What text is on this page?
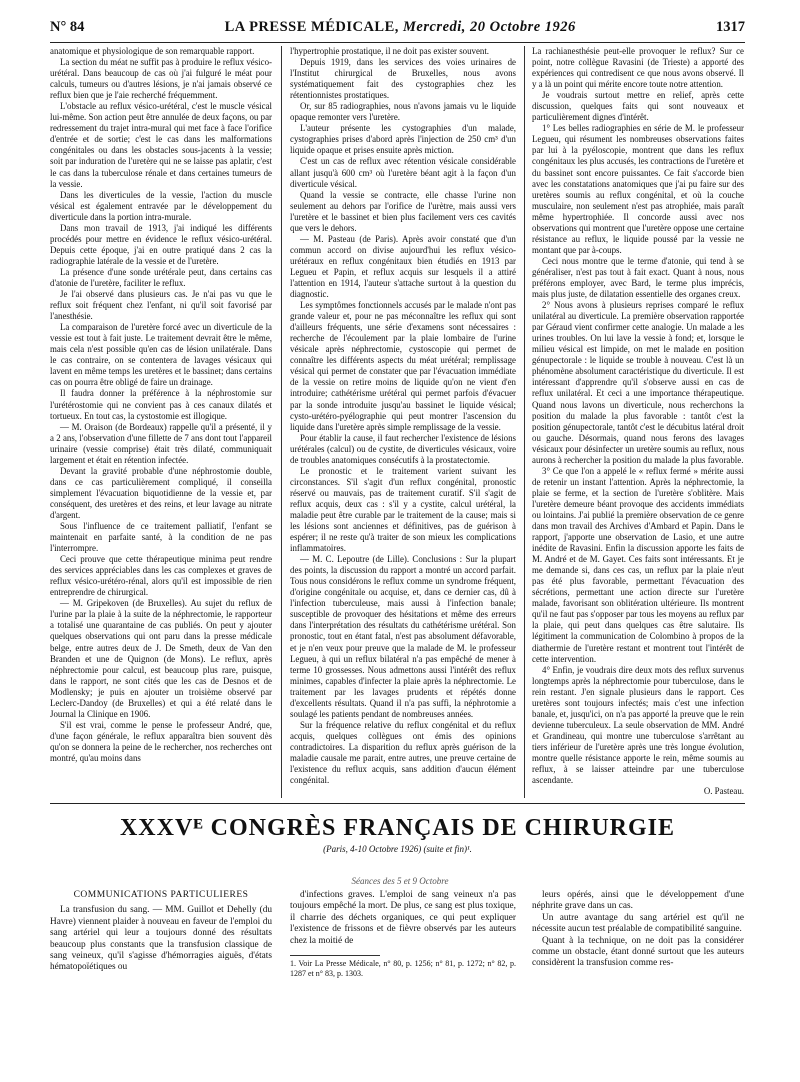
N° 84	LA PRESSE MÉDICALE, Mercredi, 20 Octobre 1926	1317

anatomique et physiologique de son remarquable rapport.

La section du méat ne suffit pas à produire le reflux vésico-urétéral. Dans beaucoup de cas où j'ai fulguré le méat pour calculs, tumeurs ou d'autres lésions, je n'ai jamais observé ce reflux bien que je l'aie recherché fréquemment.

L'obstacle au reflux vésico-urétéral, c'est le muscle vésical lui-même. Son action peut être annulée de deux façons, ou par redressement du trajet intra-mural qui met face à face l'orifice d'entrée et de sortie; c'est le cas dans les malformations congénitales ou dans les obstacles sous-jacents à la vessie; soit par induration de l'uretère qui ne se laisse pas aplatir, c'est le cas dans la tuberculose rénale et dans certaines tumeurs de la vessie.

Dans les diverticules de la vessie, l'action du muscle vésical est également entravée par le développement du diverticule dans la portion intra-murale.

Dans mon travail de 1913, j'ai indiqué les différents procédés pour mettre en évidence le reflux vésico-urétéral. Depuis cette époque, j'ai en outre pratiqué dans 2 cas la radiographie latérale de la vessie et de l'uretère.

La présence d'une sonde urétérale peut, dans certains cas d'atonie de l'uretère, faciliter le reflux.

Je l'ai observé dans plusieurs cas. Je n'ai pas vu que le reflux soit fréquent chez l'enfant, ni qu'il soit favorisé par l'anesthésie.

La comparaison de l'uretère forcé avec un diverticule de la vessie est tout à fait juste. Le traitement devrait être le même, mais cela n'est possible qu'en cas de lésion unilatérale. Dans le cas contraire, on se contentera de lavages vésicaux qui lavent en même temps les uretères et le bassinet; dans certains cas on pourra être obligé de faire un drainage.

Il faudra donner la préférence à la néphrostomie sur l'urétérostomie qui ne convient pas à ces canaux dilatés et tortueux. En tout cas, la cystostomie est illogique.

— M. Oraison (de Bordeaux) rappelle qu'il a présenté, il y a 2 ans, l'observation d'une fillette de 7 ans dont tout l'appareil urinaire (vessie comprise) était très dilaté, communiquait largement et était en rétention infectée.

Devant la gravité probable d'une néphrostomie double, dans ce cas particulièrement compliqué, il conseilla simplement l'évacuation biquotidienne de la vessie et, par conséquent, des uretères et des reins, et leur lavage au nitrate d'argent.

Sous l'influence de ce traitement palliatif, l'enfant se maintenait en parfaite santé, à la condition de ne pas l'interrompre.

Ceci prouve que cette thérapeutique minima peut rendre des services appréciables dans les cas complexes et graves de reflux vésico-urétéro-rénal, alors qu'il est impossible de rien entreprendre de chirurgical.

— M. Gripekoven (de Bruxelles). Au sujet du reflux de l'urine par la plaie à la suite de la néphrectomie, le rapporteur a totalisé une quarantaine de cas publiés. On peut y ajouter quelques observations qui ont paru dans la presse médicale belge, entre autres deux de J. De Smeth, deux de Van den Branden et une de Quignon (de Mons). Le reflux, après néphrectomie pour calcul, est beaucoup plus rare, puisque, dans le rapport, ne sont cités que les cas de Desnos et de Modlensky; je puis en ajouter un troisième observé par Leclerc-Dandoy (de Bruxelles) et qui a été relaté dans le Journal la Clinique en 1906.

S'il est vrai, comme le pense le professeur André, que, d'une façon générale, le reflux apparaîtra bien souvent dès qu'on se donnera la peine de le rechercher, nos recherches ont montré, qu'au moins dans

l'hypertrophie prostatique, il ne doit pas exister souvent.

Depuis 1919, dans les services des voies urinaires de l'Institut chirurgical de Bruxelles, nous avons systématiquement fait des cystographies chez les rétentionnistes prostatiques.

Or, sur 85 radiographies, nous n'avons jamais vu le liquide opaque remonter vers l'uretère.

L'auteur présente les cystographies d'un malade, cystographies prises d'abord après l'injection de 250 cm³ d'un liquide opaque et prises ensuite après miction.

C'est un cas de reflux avec rétention vésicale considérable allant jusqu'à 600 cm³ où l'uretère béant agit à la façon d'un diverticule vésical.

Quand la vessie se contracte, elle chasse l'urine non seulement au dehors par l'orifice de l'urètre, mais aussi vers l'uretère et le bassinet et bien plus facilement vers ces cavités que vers le dehors.

— M. Pasteau (de Paris). Après avoir constaté que d'un commun accord on divise aujourd'hui les reflux vésico-urétéraux en reflux congénitaux bien étudiés en 1913 par Legueu et Papin, et reflux acquis sur lesquels il a attiré l'attention en 1914, l'auteur s'attache surtout à la question du diagnostic.

Les symptômes fonctionnels accusés par le malade n'ont pas grande valeur et, pour ne pas méconnaître les reflux qui sont d'ailleurs fréquents, une série d'examens sont nécessaires : recherche de l'écoulement par la plaie lombaire de l'urine vésicale après néphrectomie, cystoscopie qui permet de connaître les différents aspects du méat urétéral; remplissage vésical qui permet de constater que par l'évacuation immédiate de la vessie on retire moins de liquide qu'on ne vient d'en introduire; cathétérisme urétéral qui permet parfois d'évacuer par la sonde introduite jusqu'au bassinet le liquide vésical; cysto-urétéro-pyélographie qui peut montrer l'ascension du liquide dans l'uretère après simple remplissage de la vessie.

Pour établir la cause, il faut rechercher l'existence de lésions urétérales (calcul) ou de cystite, de diverticules vésicaux, voire de troubles anatomiques consécutifs à la prostatectomie.

Le pronostic et le traitement varient suivant les circonstances. S'il s'agit d'un reflux congénital, pronostic réservé ou mauvais, pas de traitement curatif. S'il s'agit de reflux acquis, deux cas : s'il y a cystite, calcul urétéral, la maladie peut être curable par le traitement de la cause; mais si les lésions sont anciennes et définitives, pas de guérison à espérer; il ne reste qu'à traiter de son mieux les complications inflammatoires.

— M. C. Lepoutre (de Lille). Conclusions : Sur la plupart des points, la discussion du rapport a montré un accord parfait. Tous nous considérons le reflux comme un syndrome fréquent, d'origine congénitale ou acquise, et, dans ce dernier cas, dû à l'infection tuberculeuse, mais aussi à l'infection banale; susceptible de provoquer des hésitations et même des erreurs dans l'interprétation des résultats du cathétérisme urétéral. Son pronostic, tout en étant fatal, n'est pas absolument défavorable, et je n'en veux pour preuve que la malade de M. le professeur Legueu, à qui un reflux bilatéral n'a pas empêché de mener à terme 10 grossesses. Nous admettons aussi l'intérêt des reflux minimes, capables d'infecter la plaie après la néphrectomie. Le traitement par les lavages prudents et répétés donne d'excellents résultats. Quand il n'a pas suffi, la néphrotomie a soulagé les patients pendant de nombreuses années.

Sur la fréquence relative du reflux congénital et du reflux acquis, quelques collègues ont émis des opinions contradictoires. La disparition du reflux après guérison de la maladie causale me parait, entre autres, une preuve certaine de l'existence du reflux acquis, sans addition d'aucun élément congénital.

La rachianesthésie peut-elle provoquer le reflux? Sur ce point, notre collègue Ravasini (de Trieste) a apporté des expériences qui contredisent ce que nous avons observé. Il y a là un point qui mérite encore toute notre attention.

Je voudrais surtout mettre en relief, après cette discussion, quelques faits qui sont nouveaux et particulièrement dignes d'intérêt.

1° Les belles radiographies en série de M. le professeur Legueu, qui résument les nombreuses observations faites par lui à la pyéloscopie, montrent que dans les reflux congénitaux les plus accusés, les contractions de l'uretère et du bassinet sont encore puissantes. Ce fait s'accorde bien avec les constatations anatomiques que j'ai pu faire sur des uretères soumis au reflux congénital, et où la couche musculaire, non seulement n'est pas atrophiée, mais paraît même hypertrophiée. Il concorde aussi avec nos observations qui montrent que l'uretère oppose une certaine résistance au reflux, le liquide poussé par la vessie ne montant que par à-coups.

Ceci nous montre que le terme d'atonie, qui tend à se généraliser, n'est pas tout à fait exact. Quant à nous, nous préférons employer, avec Bard, le terme plus imprécis, mais plus juste, de dilatation essentielle des organes creux.

2° Nous avons à plusieurs reprises comparé le reflux unilatéral au diverticule. La première observation rapportée par Géraud vient confirmer cette analogie. Un malade a les urines troubles. On lui lave la vessie à fond; et, lorsque le milieu vésical est limpide, on met le malade en position génupectorale : le liquide se trouble à nouveau. C'est là un phénomène absolument caractéristique du diverticule. Il est intéressant d'apprendre qu'il s'observe aussi en cas de reflux unilatéral. Et ceci a une importance thérapeutique. Quand nous lavons un diverticule, nous recherchons la position du malade la plus favorable : tantôt c'est la position génupectorale, tantôt c'est le décubitus latéral droit ou gauche. Désormais, quand nous ferons des lavages vésicaux pour désinfecter un uretère soumis au reflux, nous aurons à rechercher la position du malade la plus favorable.

3° Ce que l'on a appelé le « reflux fermé » mérite aussi de retenir un instant l'attention. Après la néphrectomie, la plaie se ferme, et la section de l'uretère s'oblitère. Mais l'uretère demeure béant provoque des accidents immédiats ou lointains. J'ai publié la première observation de ce genre dans mon travail des Archives d'Ambard et Papin. Dans le rapport, j'apporte une observation de Lasio, et une autre inédite de Ravasini. Enfin la discussion apporte les faits de M. André et de M. Gayet. Ces faits sont intéressants. Et je me demande si, dans ces cas, un reflux par la plaie n'eut pas été plus favorable, permettant l'évacuation des sécrétions, permettant une action directe sur l'uretère malade, favorisant son oblitération ultérieure. Ils montrent qu'il ne faut pas s'opposer par tous les moyens au reflux par la plaie, qui peut dans quelques cas être salutaire. Ils légitiment la communication de Colombino à propos de la diathermie de l'uretère restant et montrent tout l'intérêt de cette intervention.

4° Enfin, je voudrais dire deux mots des reflux survenus longtemps après la néphrectomie pour tuberculose, dans le rein restant. J'en signale plusieurs dans le rapport. Ces uretères sont toujours infectés; mais c'est une infection banale, et, jusqu'ici, on n'a pas apporté la preuve que le rein devienne tuberculeux. La seule observation de MM. André et Grandineau, qui montre une tuberculose s'arrêtant au tiers inférieur de l'uretère après une très longue évolution, montre quelle résistance apporte le rein, même soumis au reflux, à se laisser atteindre par une tuberculose ascendante.

O. Pasteau.

XXXVᴱ CONGRÈS FRANÇAIS DE CHIRURGIE
(Paris, 4-10 Octobre 1926) (suite et fin)¹.
Séances des 5 et 9 Octobre
COMMUNICATIONS PARTICULIÈRES

La transfusion du sang. — MM. Guillot et Dehelly (du Havre) viennent plaider à nouveau en faveur de l'emploi du sang artériel qui leur a toujours donné des résultats beaucoup plus constants que la transfusion classique de sang veineux, qu'il s'agisse d'hémorragies aiguës, d'états hématopoïétiques ou

d'infections graves. L'emploi de sang veineux n'a pas toujours empêché la mort. De plus, ce sang est plus toxique, il charrie des déchets organiques, ce qui peut expliquer l'existence de frissons et de fièvre observés par les auteurs chez la moitié de

1. Voir La Presse Médicale, n° 80, p. 1256; n° 81, p. 1272; n° 82, p. 1287 et n° 83, p. 1303.

leurs opérés, ainsi que le développement d'une néphrite grave dans un cas.

Un autre avantage du sang artériel est qu'il ne nécessite aucun test préalable de compatibilité sanguine.

Quant à la technique, on ne doit pas la considérer comme un obstacle, étant donné surtout que les auteurs considèrent la transfusion comme res-
